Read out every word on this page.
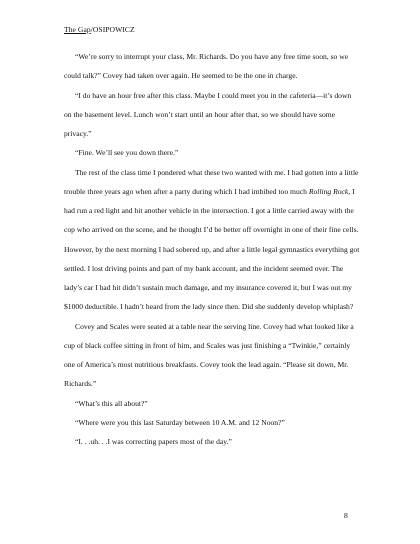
The Gap/OSIPOWICZ

“We’re sorry to interrupt your class, Mr. Richards. Do you have any free time soon, so we could talk?” Covey had taken over again. He seemed to be the one in charge.

“I do have an hour free after this class. Maybe I could meet you in the cafeteria—it’s down on the basement level. Lunch won’t start until an hour after that, so we should have some privacy.”

“Fine. We’ll see you down there.”

The rest of the class time I pondered what these two wanted with me. I had gotten into a little trouble three years ago when after a party during which I had imbibed too much Rolling Rock, I had run a red light and hit another vehicle in the intersection. I got a little carried away with the cop who arrived on the scene, and he thought I’d be better off overnight in one of their fine cells. However, by the next morning I had sobered up, and after a little legal gymnastics everything got settled. I lost driving points and part of my bank account, and the incident seemed over. The lady’s car I had hit didn’t sustain much damage, and my insurance covered it, but I was out my $1000 deductible. I hadn’t heard from the lady since then. Did she suddenly develop whiplash?

Covey and Scales were seated at a table near the serving line. Covey had what looked like a cup of black coffee sitting in front of him, and Scales was just finishing a “Twinkie,” certainly one of America’s most nutritious breakfasts. Covey took the lead again. “Please sit down, Mr. Richards.”

“What’s this all about?”

“Where were you this last Saturday between 10 A.M. and 12 Noon?”

“I. . .uh. . .I was correcting papers most of the day.”

8
